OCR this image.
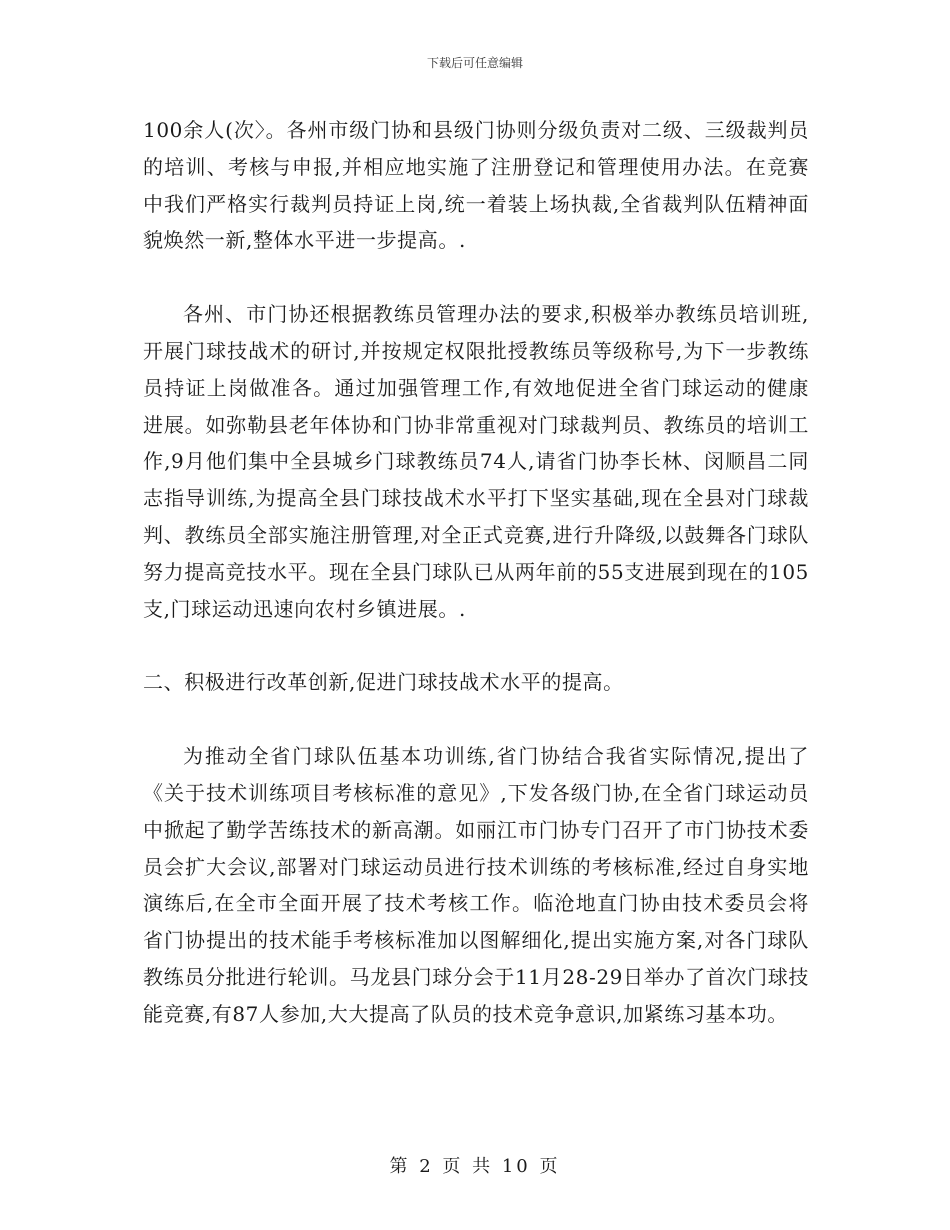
下载后可任意编辑

100余人(次〉。各州市级门协和县级门协则分级负责对二级、三级裁判员的培训、考核与申报,并相应地实施了注册登记和管理使用办法。在竞赛中我们严格实行裁判员持证上岗,统一着装上场执裁,全省裁判队伍精神面貌焕然一新,整体水平进一步提高。.

各州、市门协还根据教练员管理办法的要求,积极举办教练员培训班,开展门球技战术的研讨,并按规定权限批授教练员等级称号,为下一步教练员持证上岗做准各。通过加强管理工作,有效地促进全省门球运动的健康进展。如弥勒县老年体协和门协非常重视对门球裁判员、教练员的培训工作,9月他们集中全县城乡门球教练员74人,请省门协李长林、闵顺昌二同志指导训练,为提高全县门球技战术水平打下坚实基础,现在全县对门球裁判、教练员全部实施注册管理,对全正式竞赛,进行升降级,以鼓舞各门球队努力提高竞技水平。现在全县门球队已从两年前的55支进展到现在的105支,门球运动迅速向农村乡镇进展。.

二、积极进行改革创新,促进门球技战术水平的提高。

为推动全省门球队伍基本功训练,省门协结合我省实际情况,提出了《关于技术训练项目考核标准的意见》,下发各级门协,在全省门球运动员中掀起了勤学苦练技术的新高潮。如丽江市门协专门召开了市门协技术委员会扩大会议,部署对门球运动员进行技术训练的考核标准,经过自身实地演练后,在全市全面开展了技术考核工作。临沧地直门协由技术委员会将省门协提出的技术能手考核标准加以图解细化,提出实施方案,对各门球队教练员分批进行轮训。马龙县门球分会于11月28-29日举办了首次门球技能竞赛,有87人参加,大大提高了队员的技术竞争意识,加紧练习基本功。

第 2 页 共 10 页
